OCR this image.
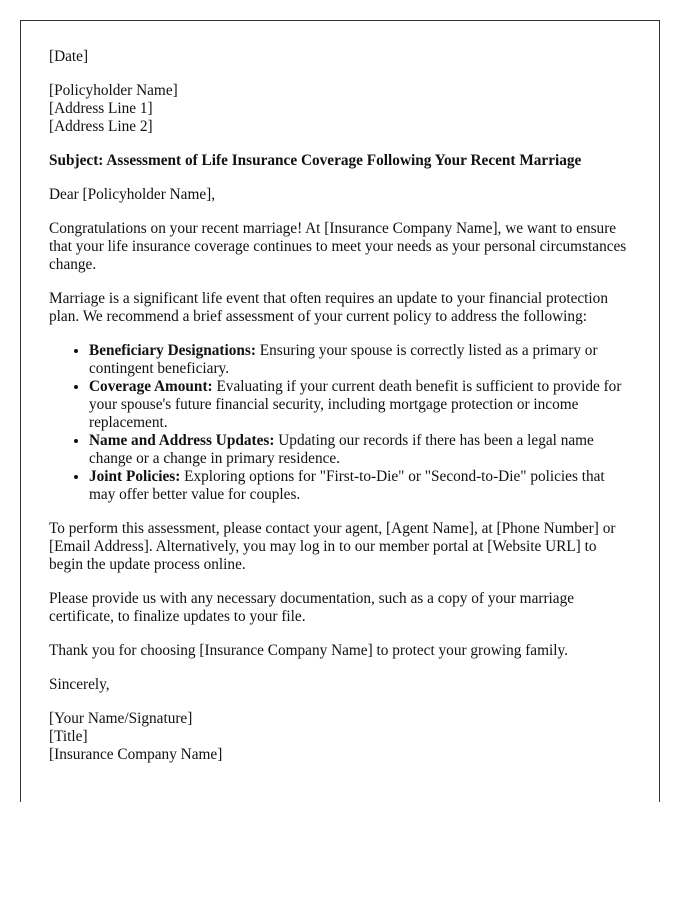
[Date]

[Policyholder Name]

[Address Line 1]

[Address Line 2]

Subject: Assessment of Life Insurance Coverage Following Your Recent Marriage

Dear [Policyholder Name],

Congratulations on your recent marriage! At [Insurance Company Name], we want to ensure that your life insurance coverage continues to meet your needs as your personal circumstances change.

Marriage is a significant life event that often requires an update to your financial protection plan. We recommend a brief assessment of your current policy to address the following:

• Beneficiary Designations: Ensuring your spouse is correctly listed as a primary or contingent beneficiary.
• Coverage Amount: Evaluating if your current death benefit is sufficient to provide for your spouse's future financial security, including mortgage protection or income replacement.
• Name and Address Updates: Updating our records if there has been a legal name change or a change in primary residence.
• Joint Policies: Exploring options for "First-to-Die" or "Second-to-Die" policies that may offer better value for couples.

To perform this assessment, please contact your agent, [Agent Name], at [Phone Number] or [Email Address]. Alternatively, you may log in to our member portal at [Website URL] to begin the update process online.

Please provide us with any necessary documentation, such as a copy of your marriage certificate, to finalize updates to your file.

Thank you for choosing [Insurance Company Name] to protect your growing family.

Sincerely,

[Your Name/Signature]

[Title]

[Insurance Company Name]
